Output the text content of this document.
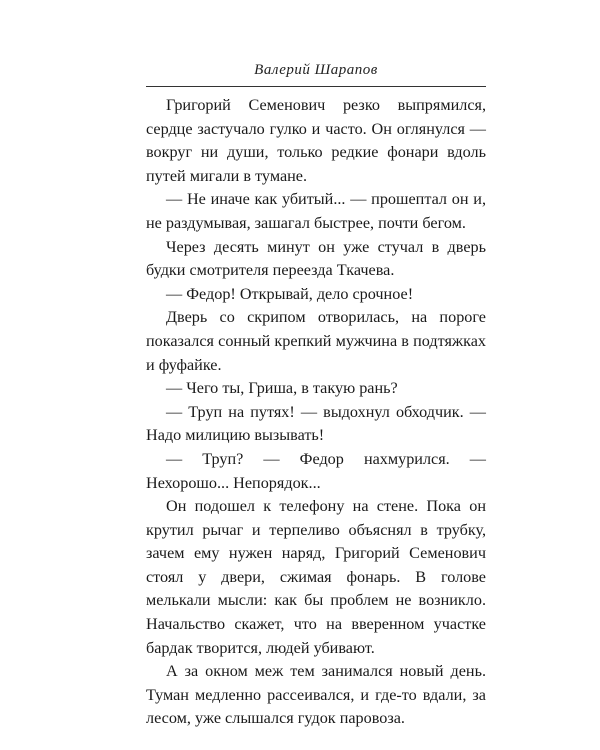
Валерий Шарапов

Григорий Семенович резко выпрямился, сердце застучало гулко и часто. Он оглянулся — вокруг ни души, только редкие фонари вдоль путей мигали в тумане.

— Не иначе как убитый... — прошептал он и, не раздумывая, зашагал быстрее, почти бегом.

Через десять минут он уже стучал в дверь будки смотрителя переезда Ткачева.

— Федор! Открывай, дело срочное!

Дверь со скрипом отворилась, на пороге показался сонный крепкий мужчина в подтяжках и фуфайке.

— Чего ты, Гриша, в такую рань?

— Труп на путях! — выдохнул обходчик. — Надо милицию вызывать!

— Труп? — Федор нахмурился. — Нехорошо... Непорядок...

Он подошел к телефону на стене. Пока он крутил рычаг и терпеливо объяснял в трубку, зачем ему нужен наряд, Григорий Семенович стоял у двери, сжимая фонарь. В голове мелькали мысли: как бы проблем не возникло. Начальство скажет, что на вверенном участке бардак творится, людей убивают.

А за окном меж тем занимался новый день. Туман медленно рассеивался, и где-то вдали, за лесом, уже слышался гудок паровоза.
